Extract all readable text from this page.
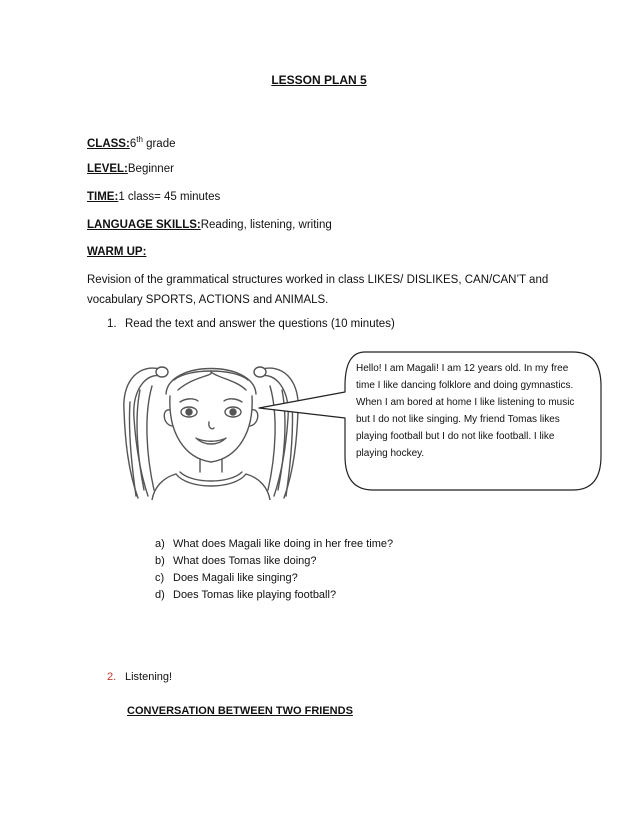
LESSON PLAN 5
CLASS:6th grade
LEVEL:Beginner
TIME:1 class= 45 minutes
LANGUAGE SKILLS:Reading, listening, writing
WARM UP:
Revision of the grammatical structures worked in class LIKES/ DISLIKES, CAN/CAN’T and vocabulary SPORTS, ACTIONS and ANIMALS.
1. Read the text and answer the questions (10 minutes)
Hello! I am Magali! I am 12 years old. In my free time I like dancing folklore and doing gymnastics. When I am bored at home I like listening to music but I do not like singing. My friend Tomas likes playing football but I do not like football. I like playing hockey.
a) What does Magali like doing in her free time?
b) What does Tomas like doing?
c) Does Magali like singing?
d) Does Tomas like playing football?
2. Listening!
CONVERSATION BETWEEN TWO FRIENDS
